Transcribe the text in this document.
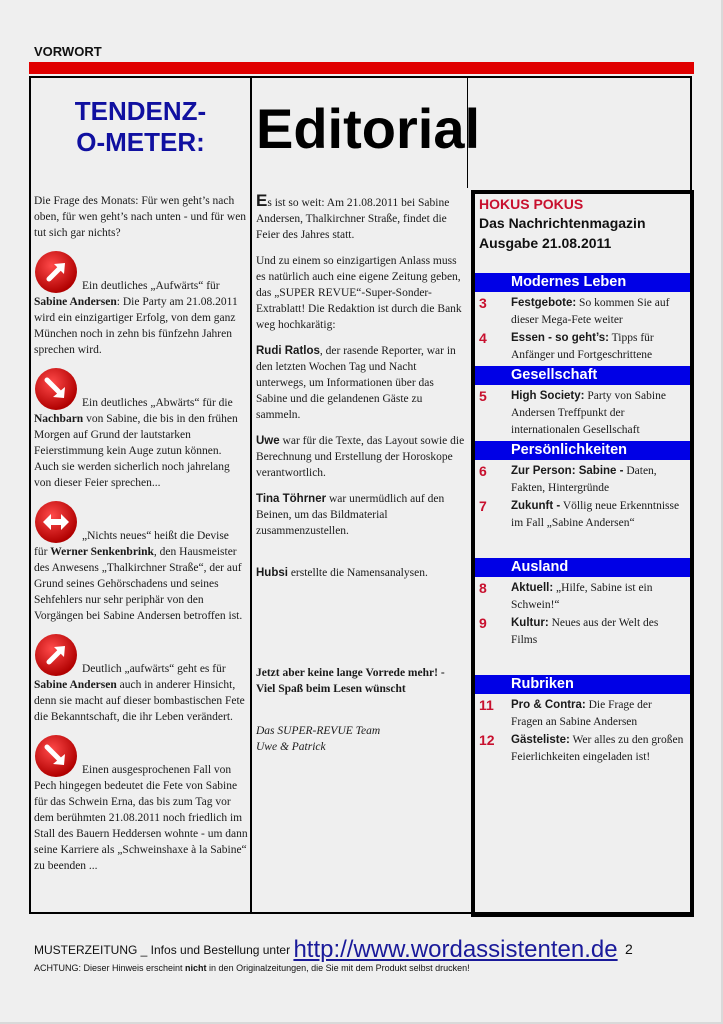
VORWORT
TENDENZ-
O-METER: Editorial

Die Frage des Monats: Für wen geht’s nach oben, für wen geht’s nach unten - und für wen tut sich gar nichts?

Ein deutliches „Aufwärts“ für
Sabine Andersen: Die Party am 21.08.2011 wird ein einzigartiger Erfolg, von dem ganz München noch in zehn bis fünfzehn Jahren sprechen wird.

Ein deutliches „Abwärts“ für die
Nachbarn von Sabine, die bis in den frühen Morgen auf Grund der lautstarken Feierstimmung kein Auge zutun können. Auch sie werden sicherlich noch jahrelang von dieser Feier sprechen...

„Nichts neues“ heißt die Devise
für Werner Senkenbrink, den Hausmeister des Anwesens „Thalkirchner Straße“, der auf Grund seines Gehörschadens und seines Sehfehlers nur sehr periphär von den Vorgängen bei Sabine Andersen betroffen ist.

Deutlich „aufwärts“ geht es für
Sabine Andersen auch in anderer Hinsicht, denn sie macht auf dieser bombastischen Fete die Bekanntschaft, die ihr Leben verändert.

Einen ausgesprochenen Fall von
Pech hingegen bedeutet die Fete von Sabine für das Schwein Erna, das bis zum Tag vor dem berühmten 21.08.2011 noch friedlich im Stall des Bauern Heddersen wohnte - um dann seine Karriere als „Schweinshaxe à la Sabine“ zu beenden ...

Es ist so weit: Am 21.08.2011 bei Sabine Andersen, Thalkirchner Straße, findet die Feier des Jahres statt.

Und zu einem so einzigartigen Anlass muss es natürlich auch eine eigene Zeitung geben, das „SUPER REVUE“-Super-Sonder-Extrablatt! Die Redaktion ist durch die Bank weg hochkarätig:

Rudi Ratlos, der rasende Reporter, war in den letzten Wochen Tag und Nacht unterwegs, um Informationen über das Sabine und die gelandenen Gäste zu sammeln.

Uwe war für die Texte, das Layout sowie die Berechnung und Erstellung der Horoskope verantwortlich.

Tina Töhrner war unermüdlich auf den Beinen, um das Bildmaterial zusammenzustellen.

Hubsi erstellte die Namensanalysen.

Jetzt aber keine lange Vorrede mehr! - Viel Spaß beim Lesen wünscht

Das SUPER-REVUE Team
Uwe & Patrick

HOKUS POKUS
Das Nachrichtenmagazin
Ausgabe 21.08.2011
Modernes Leben
3	Festgebote: So kommen Sie auf dieser Mega-Fete weiter
4	Essen - so geht’s: Tipps für Anfänger und Fortgeschrittene
Gesellschaft
5	High Society: Party von Sabine Andersen Treffpunkt der internationalen Gesellschaft
Persönlichkeiten
6	Zur Person: Sabine - Daten, Fakten, Hintergründe
7	Zukunft - Völlig neue Erkenntnisse im Fall „Sabine Andersen“
Ausland
8	Aktuell: „Hilfe, Sabine ist ein Schwein!“
9	Kultur: Neues aus der Welt des Films
Rubriken
11	Pro & Contra: Die Frage der Fragen an Sabine Andersen
12	Gästeliste: Wer alles zu den großen Feierlichkeiten eingeladen ist!
MUSTERZEITUNG _ Infos und Bestellung unter http://www.wordassistenten.de 2
ACHTUNG: Dieser Hinweis erscheint nicht in den Originalzeitungen, die Sie mit dem Produkt selbst drucken!
